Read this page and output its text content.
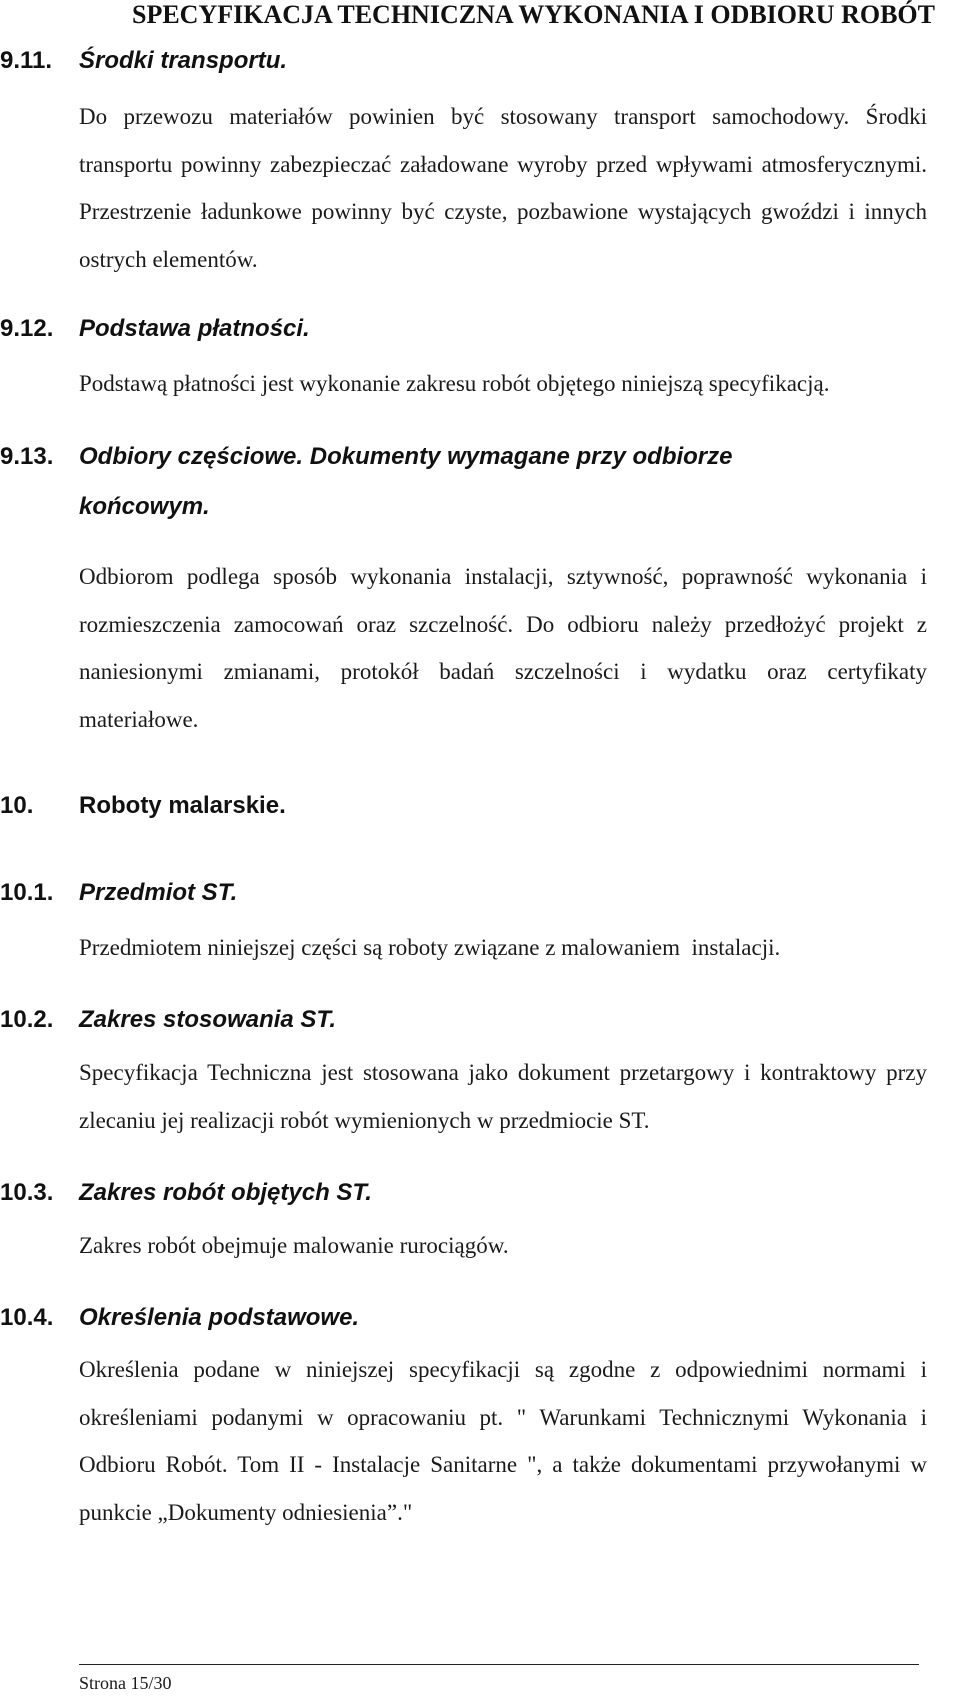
SPECYFIKACJA TECHNICZNA WYKONANIA I ODBIORU ROBÓT
9.11. Środki transportu.
Do przewozu materiałów powinien być stosowany transport samochodowy. Środki transportu powinny zabezpieczać załadowane wyroby przed wpływami atmosferycznymi. Przestrzenie ładunkowe powinny być czyste, pozbawione wystających gwoździ i innych ostrych elementów.
9.12. Podstawa płatności.
Podstawą płatności jest wykonanie zakresu robót objętego niniejszą specyfikacją.
9.13. Odbiory częściowe. Dokumenty wymagane przy odbiorze końcowym.
Odbiorom podlega sposób wykonania instalacji, sztywność, poprawność wykonania i rozmieszczenia zamocowań oraz szczelność. Do odbioru należy przedłożyć projekt z naniesionymi zmianami, protokół badań szczelności i wydatku oraz certyfikaty materiałowe.
10. Roboty malarskie.
10.1. Przedmiot ST.
Przedmiotem niniejszej części są roboty związane z malowaniem  instalacji.
10.2. Zakres stosowania ST.
Specyfikacja Techniczna jest stosowana jako dokument przetargowy i kontraktowy przy zlecaniu jej realizacji robót wymienionych w przedmiocie ST.
10.3. Zakres robót objętych ST.
Zakres robót obejmuje malowanie rurociągów.
10.4. Określenia podstawowe.
Określenia podane w niniejszej specyfikacji są zgodne z odpowiednimi normami i określeniami podanymi w opracowaniu pt. " Warunkami Technicznymi Wykonania i Odbioru Robót. Tom II - Instalacje Sanitarne ", a także dokumentami przywołanymi w punkcie „Dokumenty odniesienia”."
Strona 15/30
